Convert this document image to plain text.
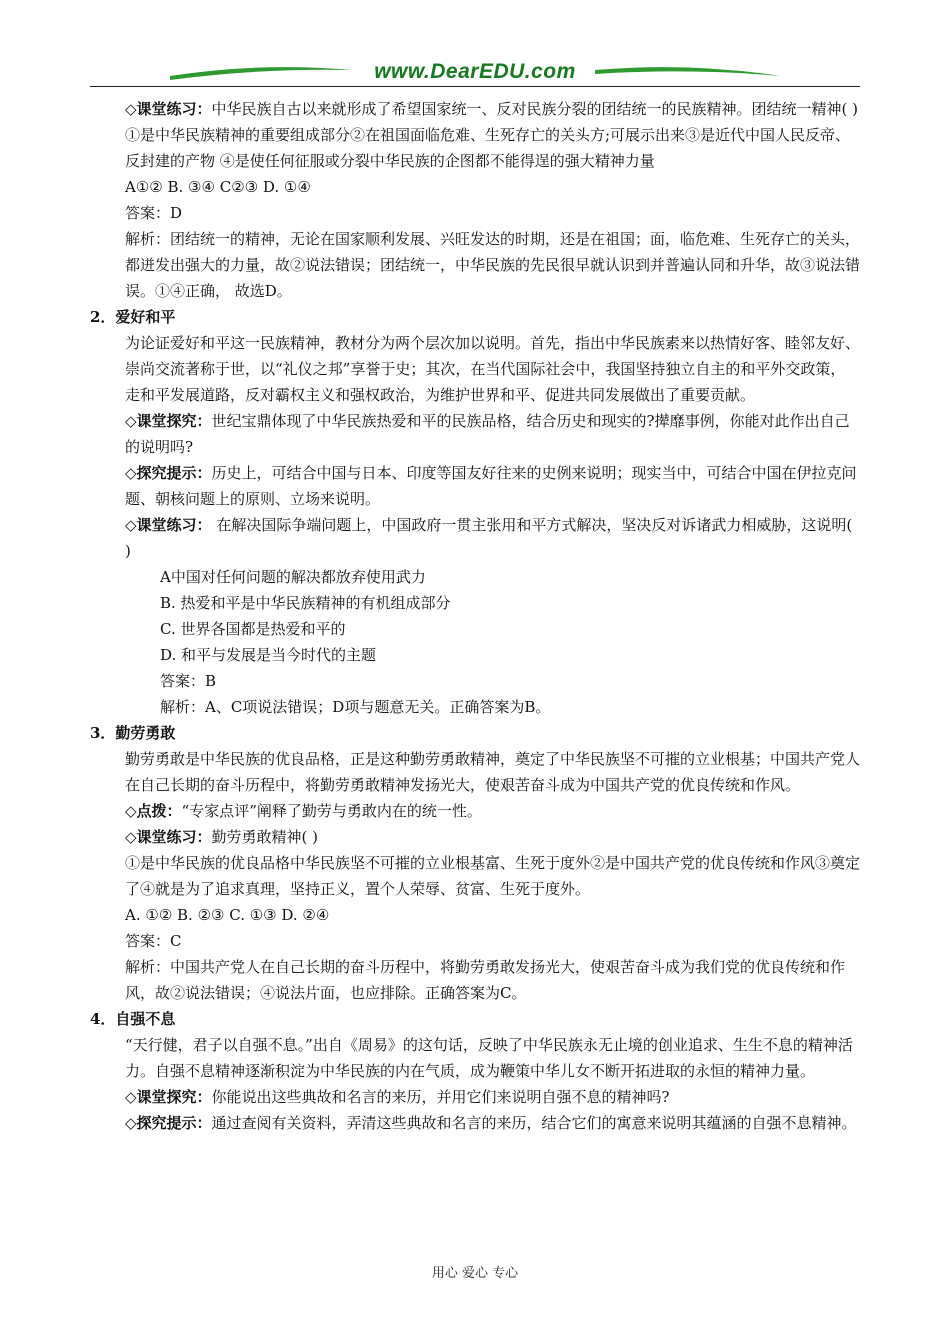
www.DearEDU.com

◇课堂练习：中华民族自古以来就形成了希望国家统一、反对民族分裂的团结统一的民族精神。团结统一精神( )

①是中华民族精神的重要组成部分②在祖国面临危难、生死存亡的关头方;可展示出来③是近代中国人民反帝、反封建的产物 ④是使任何征服或分裂中华民族的企图都不能得逞的强大精神力量

A①② B. ③④ C②③ D. ①④

答案：D

解析：团结统一的精神，无论在国家顺利发展、兴旺发达的时期，还是在祖国；面，临危难、生死存亡的关头，都迸发出强大的力量，故②说法错误；团结统一，中华民族的先民很早就认识到并普遍认同和升华，故③说法错误。①④正确， 故选D。

2．爱好和平

为论证爱好和平这一民族精神，教材分为两个层次加以说明。首先，指出中华民族素来以热情好客、睦邻友好、崇尚交流著称于世，以“礼仪之邦”享誉于史；其次，在当代国际社会中，我国坚持独立自主的和平外交政策，走和平发展道路，反对霸权主义和强权政治，为维护世界和平、促进共同发展做出了重要贡献。

◇课堂探究：世纪宝鼎体现了中华民族热爱和平的民族品格，结合历史和现实的?撵靡事例，你能对此作出自己的说明吗?

◇探究提示：历史上，可结合中国与日本、印度等国友好往来的史例来说明；现实当中，可结合中国在伊拉克问题、朝核问题上的原则、立场来说明。

◇课堂练习： 在解决国际争端问题上，中国政府一贯主张用和平方式解决，坚决反对诉诸武力相威胁，这说明( )

A中国对任何问题的解决都放弃使用武力

B. 热爱和平是中华民族精神的有机组成部分

C. 世界各国都是热爱和平的

D. 和平与发展是当今时代的主题

答案：B

解析：A、C项说法错误；D项与题意无关。正确答案为B。

3．勤劳勇敢

勤劳勇敢是中华民族的优良品格，正是这种勤劳勇敢精神，奠定了中华民族坚不可摧的立业根基；中国共产党人在自己长期的奋斗历程中，将勤劳勇敢精神发扬光大，使艰苦奋斗成为中国共产党的优良传统和作风。

◇点拨：“专家点评”阐释了勤劳与勇敢内在的统一性。

◇课堂练习：勤劳勇敢精神( )

①是中华民族的优良品格中华民族坚不可摧的立业根基富、生死于度外②是中国共产党的优良传统和作风③奠定了④就是为了追求真理，坚持正义，置个人荣辱、贫富、生死于度外。

A. ①② B. ②③ C. ①③ D. ②④

答案：C

解析：中国共产党人在自己长期的奋斗历程中，将勤劳勇敢发扬光大，使艰苦奋斗成为我们党的优良传统和作风，故②说法错误；④说法片面，也应排除。正确答案为C。

4．自强不息

“天行健，君子以自强不息。”出自《周易》的这句话，反映了中华民族永无止境的创业追求、生生不息的精神活力。自强不息精神逐渐积淀为中华民族的内在气质，成为鞭策中华儿女不断开拓进取的永恒的精神力量。

◇课堂探究：你能说出这些典故和名言的来历，并用它们来说明自强不息的精神吗?

◇探究提示：通过查阅有关资料，弄清这些典故和名言的来历，结合它们的寓意来说明其蕴涵的自强不息精神。

用心 爱心 专心
